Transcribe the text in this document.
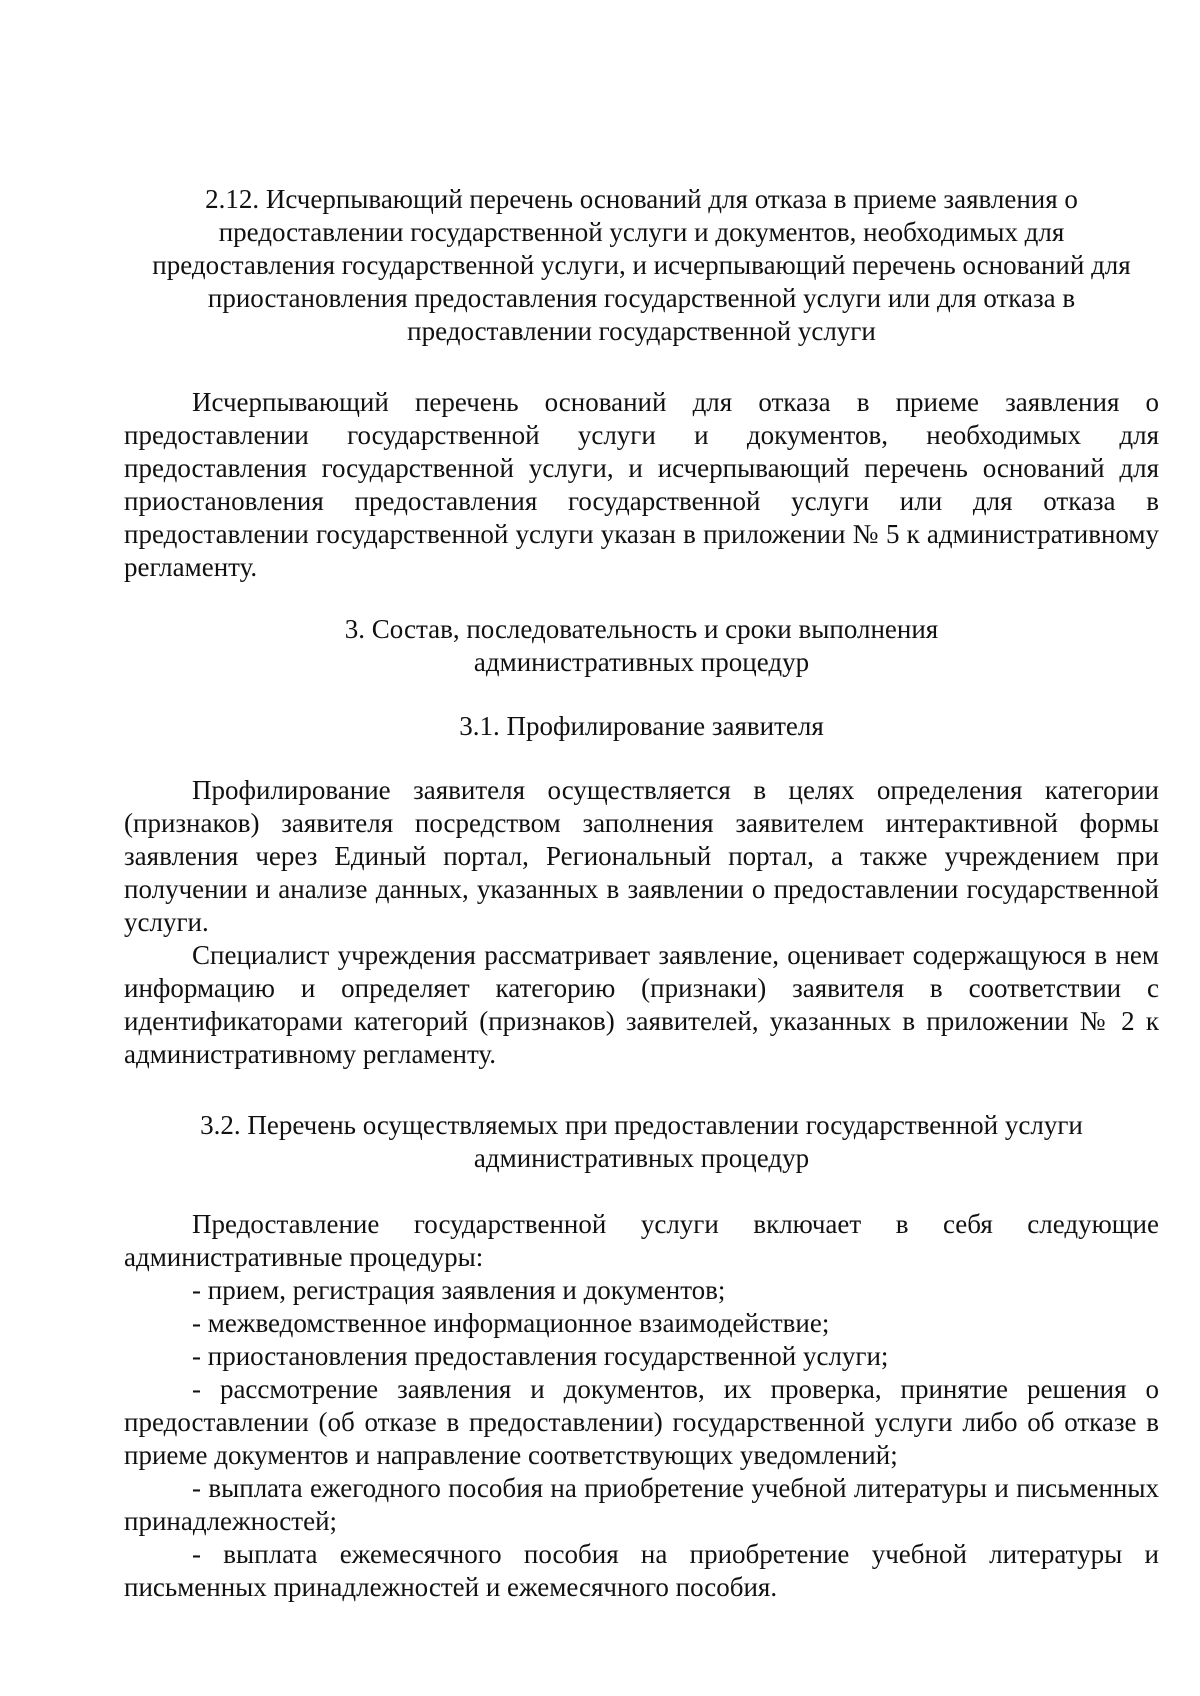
2.12. Исчерпывающий перечень оснований для отказа в приеме заявления о предоставлении государственной услуги и документов, необходимых для предоставления государственной услуги, и исчерпывающий перечень оснований для приостановления предоставления государственной услуги или для отказа в предоставлении государственной услуги

Исчерпывающий перечень оснований для отказа в приеме заявления о предоставлении государственной услуги и документов, необходимых для предоставления государственной услуги, и исчерпывающий перечень оснований для приостановления предоставления государственной услуги или для отказа в предоставлении государственной услуги указан в приложении № 5 к административному регламенту.

3. Состав, последовательность и сроки выполнения

административных процедур

3.1. Профилирование заявителя

Профилирование заявителя осуществляется в целях определения категории (признаков) заявителя посредством заполнения заявителем интерактивной формы заявления через Единый портал, Региональный портал, а также учреждением при получении и анализе данных, указанных в заявлении о предоставлении государственной услуги.

Специалист учреждения рассматривает заявление, оценивает содержащуюся в нем информацию и определяет категорию (признаки) заявителя в соответствии с идентификаторами категорий (признаков) заявителей, указанных в приложении № 2 к административному регламенту.

3.2. Перечень осуществляемых при предоставлении государственной услуги

административных процедур

Предоставление государственной услуги включает в себя следующие административные процедуры:

- прием, регистрация заявления и документов;
- межведомственное информационное взаимодействие;
- приостановления предоставления государственной услуги;
- рассмотрение заявления и документов, их проверка, принятие решения о предоставлении (об отказе в предоставлении) государственной услуги либо об отказе в приеме документов и направление соответствующих уведомлений;
- выплата ежегодного пособия на приобретение учебной литературы и письменных принадлежностей;
- выплата ежемесячного пособия на приобретение учебной литературы и письменных принадлежностей и ежемесячного пособия.
